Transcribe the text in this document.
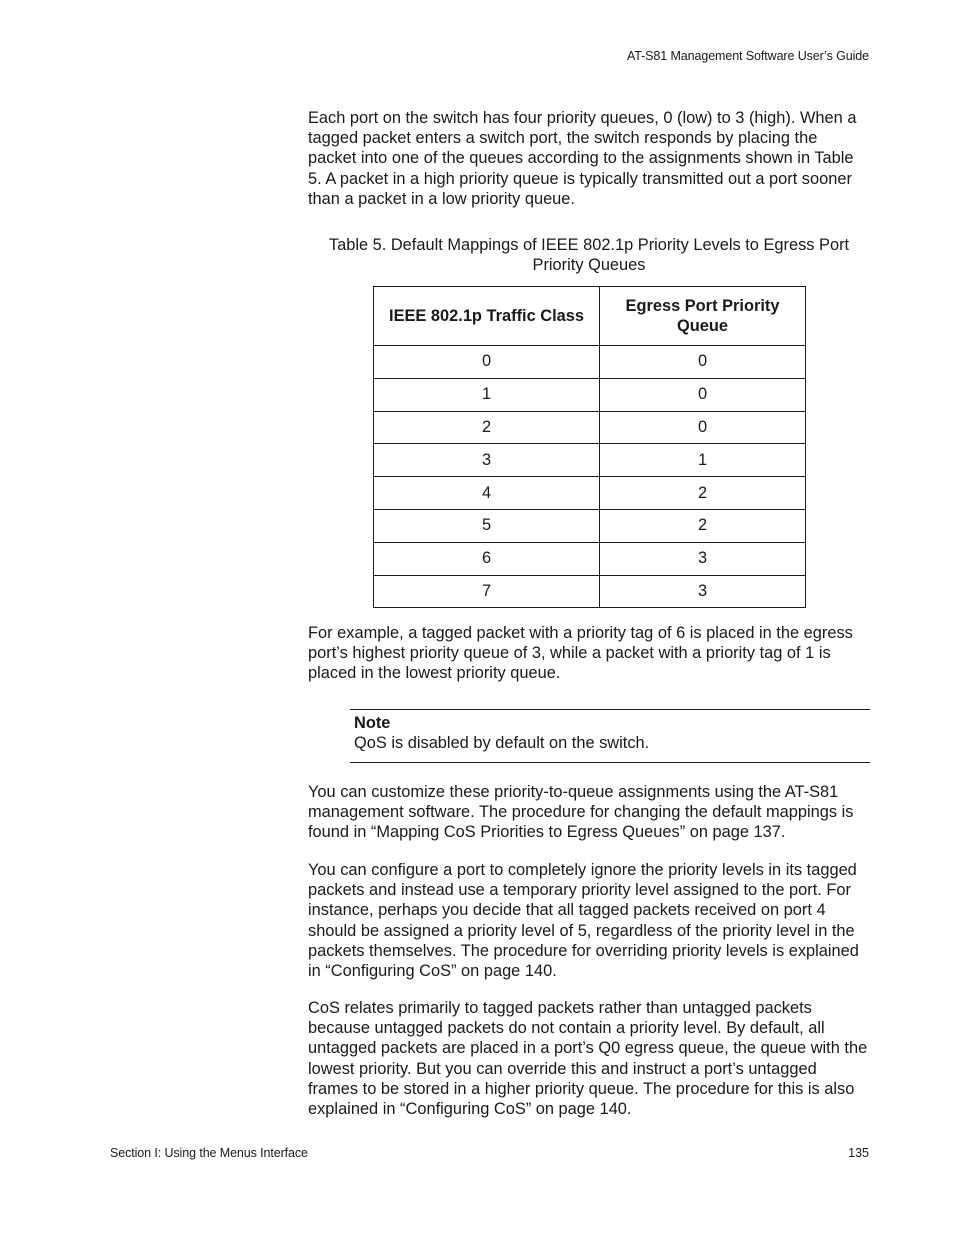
AT-S81 Management Software User’s Guide

Each port on the switch has four priority queues, 0 (low) to 3 (high). When a tagged packet enters a switch port, the switch responds by placing the packet into one of the queues according to the assignments shown in Table 5. A packet in a high priority queue is typically transmitted out a port sooner than a packet in a low priority queue.

Table 5. Default Mappings of IEEE 802.1p Priority Levels to Egress Port Priority Queues

IEEE 802.1p Traffic Class	Egress Port Priority Queue
0	0
1	0
2	0
3	1
4	2
5	2
6	3
7	3

For example, a tagged packet with a priority tag of 6 is placed in the egress port’s highest priority queue of 3, while a packet with a priority tag of 1 is placed in the lowest priority queue.

Note
QoS is disabled by default on the switch.

You can customize these priority-to-queue assignments using the AT-S81 management software. The procedure for changing the default mappings is found in “Mapping CoS Priorities to Egress Queues” on page 137.

You can configure a port to completely ignore the priority levels in its tagged packets and instead use a temporary priority level assigned to the port. For instance, perhaps you decide that all tagged packets received on port 4 should be assigned a priority level of 5, regardless of the priority level in the packets themselves. The procedure for overriding priority levels is explained in “Configuring CoS” on page 140.

CoS relates primarily to tagged packets rather than untagged packets because untagged packets do not contain a priority level. By default, all untagged packets are placed in a port’s Q0 egress queue, the queue with the lowest priority. But you can override this and instruct a port’s untagged frames to be stored in a higher priority queue. The procedure for this is also explained in “Configuring CoS” on page 140.

Section I: Using the Menus Interface	135
